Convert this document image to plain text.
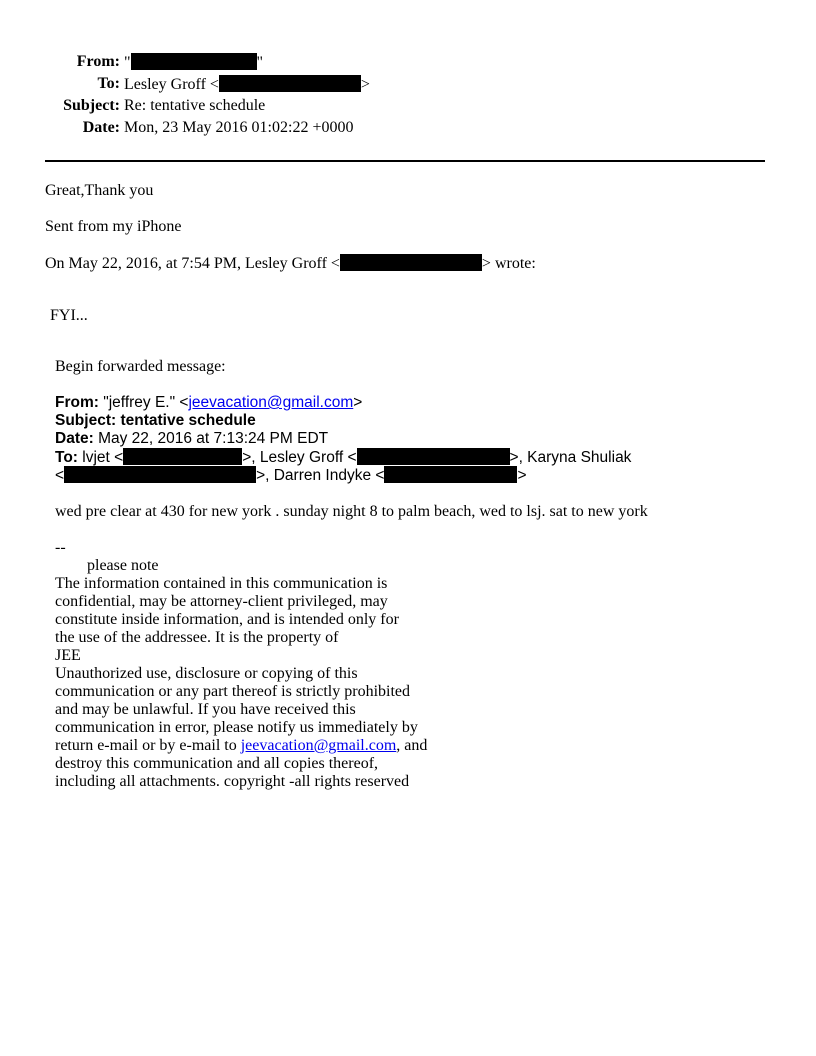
From: "	"
To: Lesley Groff <	>
Subject: Re: tentative schedule
Date: Mon, 23 May 2016 01:02:22 +0000
Great,Thank you
Sent from my iPhone
On May 22, 2016, at 7:54 PM, Lesley Groff <	> wrote:
FYI...
Begin forwarded message:
From: "jeffrey E." <jeevacation@gmail.com>
Subject: tentative schedule
Date: May 22, 2016 at 7:13:24 PM EDT
To: lvjet <	>, Lesley Groff <	>, Karyna Shuliak
<	>, Darren Indyke <	>
wed pre clear at 430 for new york . sunday night 8 to palm beach, wed to lsj. sat to new york
--
please note
The information contained in this communication is
confidential, may be attorney-client privileged, may
constitute inside information, and is intended only for
the use of the addressee. It is the property of
JEE
Unauthorized use, disclosure or copying of this
communication or any part thereof is strictly prohibited
and may be unlawful. If you have received this
communication in error, please notify us immediately by
return e-mail or by e-mail to jeevacation@gmail.com, and
destroy this communication and all copies thereof,
including all attachments. copyright -all rights reserved
